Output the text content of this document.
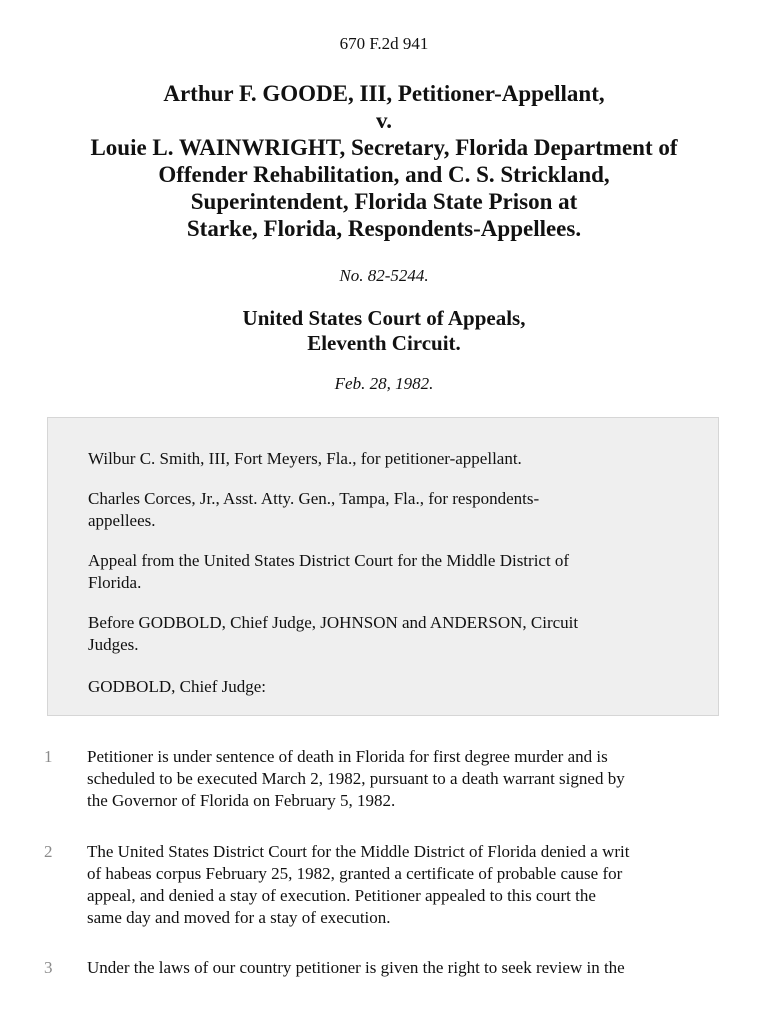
670 F.2d 941
Arthur F. GOODE, III, Petitioner-Appellant,
v.
Louie L. WAINWRIGHT, Secretary, Florida Department of
Offender Rehabilitation, and C. S. Strickland,
Superintendent, Florida State Prison at
Starke, Florida, Respondents-Appellees.
No. 82-5244.
United States Court of Appeals,
Eleventh Circuit.
Feb. 28, 1982.

Wilbur C. Smith, III, Fort Meyers, Fla., for petitioner-appellant.

Charles Corces, Jr., Asst. Atty. Gen., Tampa, Fla., for respondents-

appellees.

Appeal from the United States District Court for the Middle District of

Florida.

Before GODBOLD, Chief Judge, JOHNSON and ANDERSON, Circuit

Judges.

GODBOLD, Chief Judge:

1	Petitioner is under sentence of death in Florida for first degree murder and is
scheduled to be executed March 2, 1982, pursuant to a death warrant signed by
the Governor of Florida on February 5, 1982.
2	The United States District Court for the Middle District of Florida denied a writ
of habeas corpus February 25, 1982, granted a certificate of probable cause for
appeal, and denied a stay of execution. Petitioner appealed to this court the
same day and moved for a stay of execution.
3	Under the laws of our country petitioner is given the right to seek review in the
